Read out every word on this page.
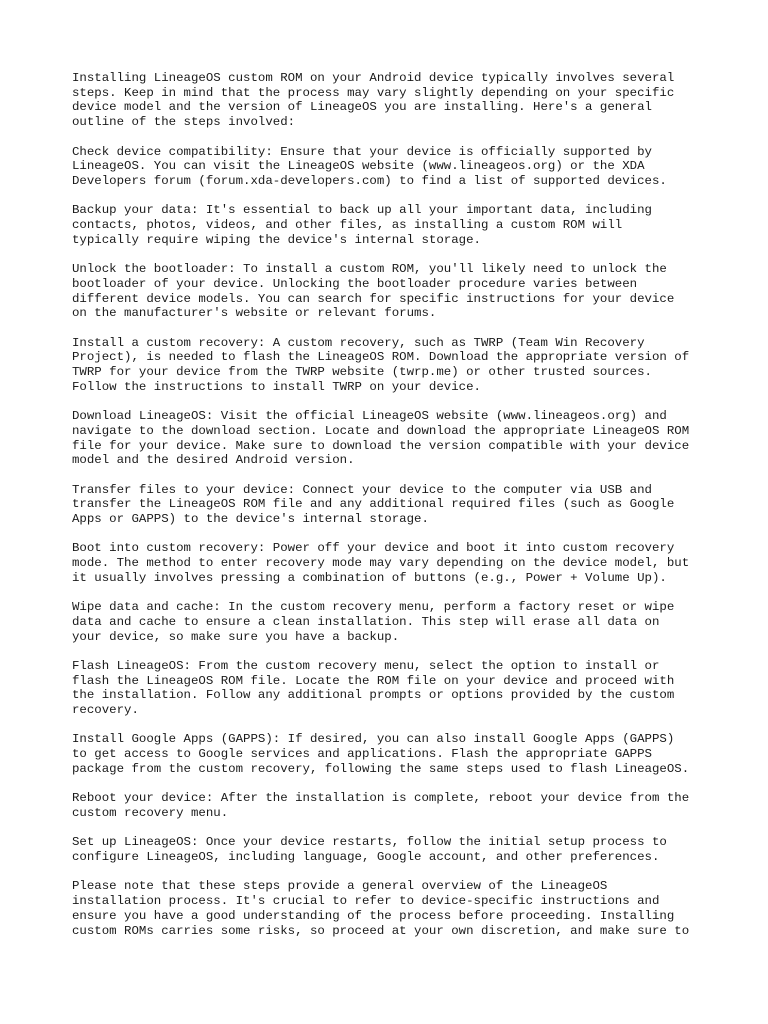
Installing LineageOS custom ROM on your Android device typically involves several
steps. Keep in mind that the process may vary slightly depending on your specific
device model and the version of LineageOS you are installing. Here's a general
outline of the steps involved:

Check device compatibility: Ensure that your device is officially supported by
LineageOS. You can visit the LineageOS website (www.lineageos.org) or the XDA
Developers forum (forum.xda-developers.com) to find a list of supported devices.

Backup your data: It's essential to back up all your important data, including
contacts, photos, videos, and other files, as installing a custom ROM will
typically require wiping the device's internal storage.

Unlock the bootloader: To install a custom ROM, you'll likely need to unlock the
bootloader of your device. Unlocking the bootloader procedure varies between
different device models. You can search for specific instructions for your device
on the manufacturer's website or relevant forums.

Install a custom recovery: A custom recovery, such as TWRP (Team Win Recovery
Project), is needed to flash the LineageOS ROM. Download the appropriate version of
TWRP for your device from the TWRP website (twrp.me) or other trusted sources.
Follow the instructions to install TWRP on your device.

Download LineageOS: Visit the official LineageOS website (www.lineageos.org) and
navigate to the download section. Locate and download the appropriate LineageOS ROM
file for your device. Make sure to download the version compatible with your device
model and the desired Android version.

Transfer files to your device: Connect your device to the computer via USB and
transfer the LineageOS ROM file and any additional required files (such as Google
Apps or GAPPS) to the device's internal storage.

Boot into custom recovery: Power off your device and boot it into custom recovery
mode. The method to enter recovery mode may vary depending on the device model, but
it usually involves pressing a combination of buttons (e.g., Power + Volume Up).

Wipe data and cache: In the custom recovery menu, perform a factory reset or wipe
data and cache to ensure a clean installation. This step will erase all data on
your device, so make sure you have a backup.

Flash LineageOS: From the custom recovery menu, select the option to install or
flash the LineageOS ROM file. Locate the ROM file on your device and proceed with
the installation. Follow any additional prompts or options provided by the custom
recovery.

Install Google Apps (GAPPS): If desired, you can also install Google Apps (GAPPS)
to get access to Google services and applications. Flash the appropriate GAPPS
package from the custom recovery, following the same steps used to flash LineageOS.

Reboot your device: After the installation is complete, reboot your device from the
custom recovery menu.

Set up LineageOS: Once your device restarts, follow the initial setup process to
configure LineageOS, including language, Google account, and other preferences.

Please note that these steps provide a general overview of the LineageOS
installation process. It's crucial to refer to device-specific instructions and
ensure you have a good understanding of the process before proceeding. Installing
custom ROMs carries some risks, so proceed at your own discretion, and make sure to
